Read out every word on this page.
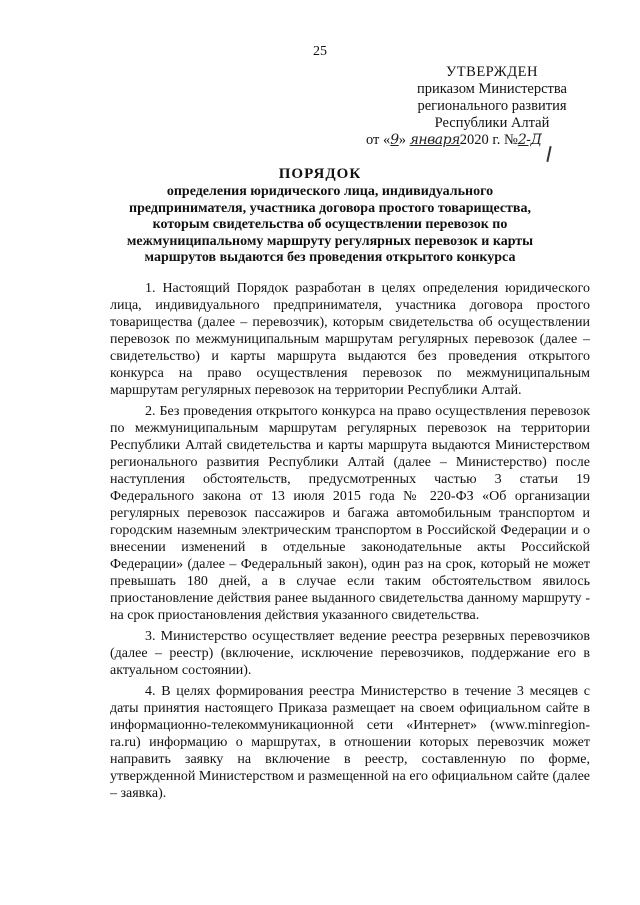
25
УТВЕРЖДЕН
приказом Министерства
регионального развития
Республики Алтай
от «9» января2020 г. №2-Д
ПОРЯДОК
определения юридического лица, индивидуального
предпринимателя, участника договора простого товарищества,
которым свидетельства об осуществлении перевозок по
межмуниципальному маршруту регулярных перевозок и карты
маршрутов выдаются без проведения открытого конкурса

1. Настоящий Порядок разработан в целях определения юридического лица, индивидуального предпринимателя, участника договора простого товарищества (далее – перевозчик), которым свидетельства об осуществлении перевозок по межмуниципальным маршрутам регулярных перевозок (далее – свидетельство) и карты маршрута выдаются без проведения открытого конкурса на право осуществления перевозок по межмуниципальным маршрутам регулярных перевозок на территории Республики Алтай.

2. Без проведения открытого конкурса на право осуществления перевозок по межмуниципальным маршрутам регулярных перевозок на территории Республики Алтай свидетельства и карты маршрута выдаются Министерством регионального развития Республики Алтай (далее – Министерство) после наступления обстоятельств, предусмотренных частью 3 статьи 19 Федерального закона от 13 июля 2015 года № 220-ФЗ «Об организации регулярных перевозок пассажиров и багажа автомобильным транспортом и городским наземным электрическим транспортом в Российской Федерации и о внесении изменений в отдельные законодательные акты Российской Федерации» (далее – Федеральный закон), один раз на срок, который не может превышать 180 дней, а в случае если таким обстоятельством явилось приостановление действия ранее выданного свидетельства данному маршруту - на срок приостановления действия указанного свидетельства.

3. Министерство осуществляет ведение реестра резервных перевозчиков (далее – реестр) (включение, исключение перевозчиков, поддержание его в актуальном состоянии).

4. В целях формирования реестра Министерство в течение 3 месяцев с даты принятия настоящего Приказа размещает на своем официальном сайте в информационно-телекоммуникационной сети «Интернет» (www.minregion-ra.ru) информацию о маршрутах, в отношении которых перевозчик может направить заявку на включение в реестр, составленную по форме, утвержденной Министерством и размещенной на его официальном сайте (далее – заявка).
